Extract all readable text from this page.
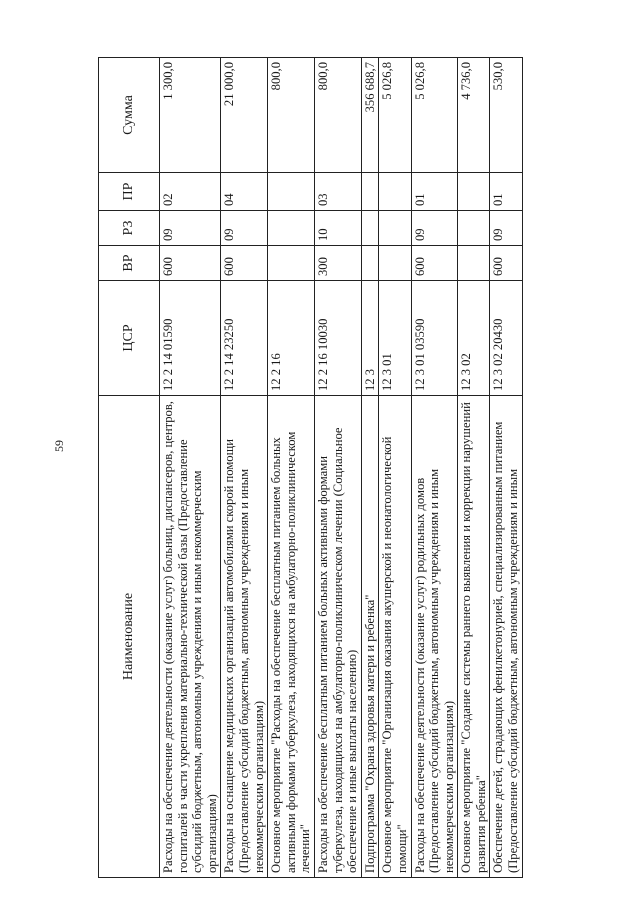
59
Наименование	ЦСР	ВР	РЗ	ПР	Сумма
Расходы на обеспечение деятельности (оказание услуг) больниц, диспансеров, центров, госпиталей в части укрепления материально-технической базы (Предоставление субсидий бюджетным, автономным учреждениям и иным некоммерческим организациям)	12 2 14 01590	600	09	02	1 300,0
Расходы на оснащение медицинских организаций автомобилями скорой помощи (Предоставление субсидий бюджетным, автономным учреждениям и иным некоммерческим организациям)	12 2 14 23250	600	09	04	21 000,0
Основное мероприятие "Расходы на обеспечение бесплатным питанием больных активными формами туберкулеза, находящихся на амбулаторно-поликлиническом лечении"	12 2 16				800,0
Расходы на обеспечение бесплатным питанием больных активными формами туберкулеза, находящихся на амбулаторно-поликлиническом лечении (Социальное обеспечение и иные выплаты населению)	12 2 16 10030	300	10	03	800,0
Подпрограмма "Охрана здоровья матери и ребенка"	12 3				356 688,7
Основное мероприятие "Организация оказания акушерской и неонатологической помощи"	12 3 01				5 026,8
Расходы на обеспечение деятельности (оказание услуг) родильных домов (Предоставление субсидий бюджетным, автономным учреждениям и иным некоммерческим организациям)	12 3 01 03590	600	09	01	5 026,8
Основное мероприятие "Создание системы раннего выявления и коррекции нарушений развития ребенка"	12 3 02				4 736,0
Обеспечение детей, страдающих фенилкетонурией, специализированным питанием (Предоставление субсидий бюджетным, автономным учреждениям и иным	12 3 02 20430	600	09	01	530,0
